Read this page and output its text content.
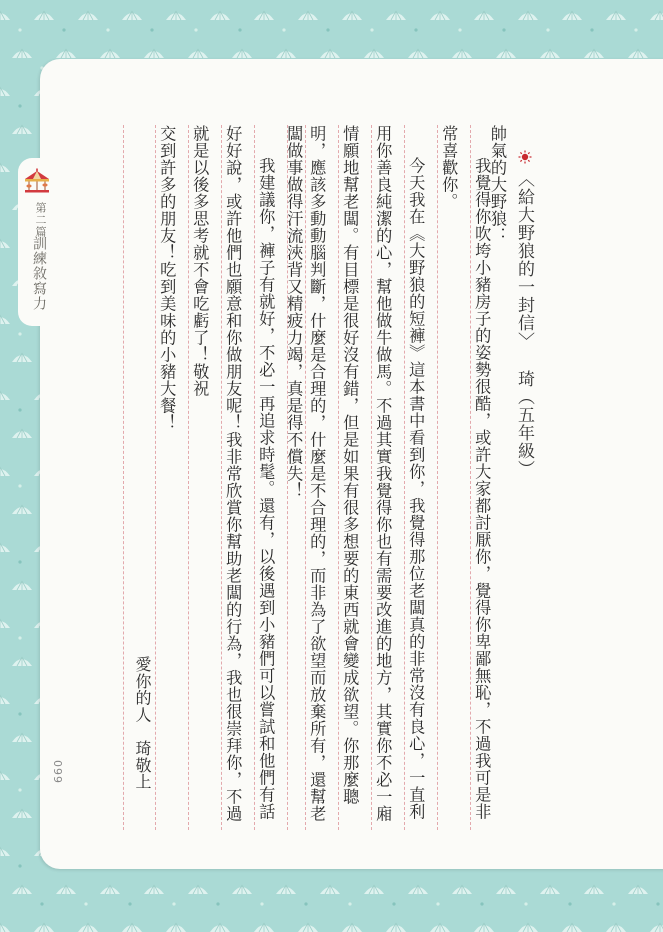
第二篇
訓練敘寫力
099
〈給大野狼的一封信〉
琦（五年級）
帥氣的大野狼：
我覺得你吹垮小豬房子的姿勢很酷，或許大家都討厭你，覺得你卑鄙無恥，不過我可是非
常喜歡你。
今天我在《大野狼的短褲》這本書中看到你，我覺得那位老闆真的非常沒有良心，一直利
用你善良純潔的心，幫他做牛做馬。不過其實我覺得你也有需要改進的地方，其實你不必一廂
情願地幫老闆。有目標是很好沒有錯，但是如果有很多想要的東西就會變成欲望。你那麼聰
明，應該多動動腦判斷，什麼是合理的，什麼是不合理的，而非為了欲望而放棄所有，還幫老
闆做事做得汗流浹背又精疲力竭，真是得不償失！
我建議你，褲子有就好，不必一再追求時髦。還有，以後遇到小豬們可以嘗試和他們有話
好好說，或許他們也願意和你做朋友呢！我非常欣賞你幫助老闆的行為，我也很崇拜你，不過
就是以後多思考就不會吃虧了！敬祝
交到許多的朋友！吃到美味的小豬大餐！
愛你的人
琦敬上
